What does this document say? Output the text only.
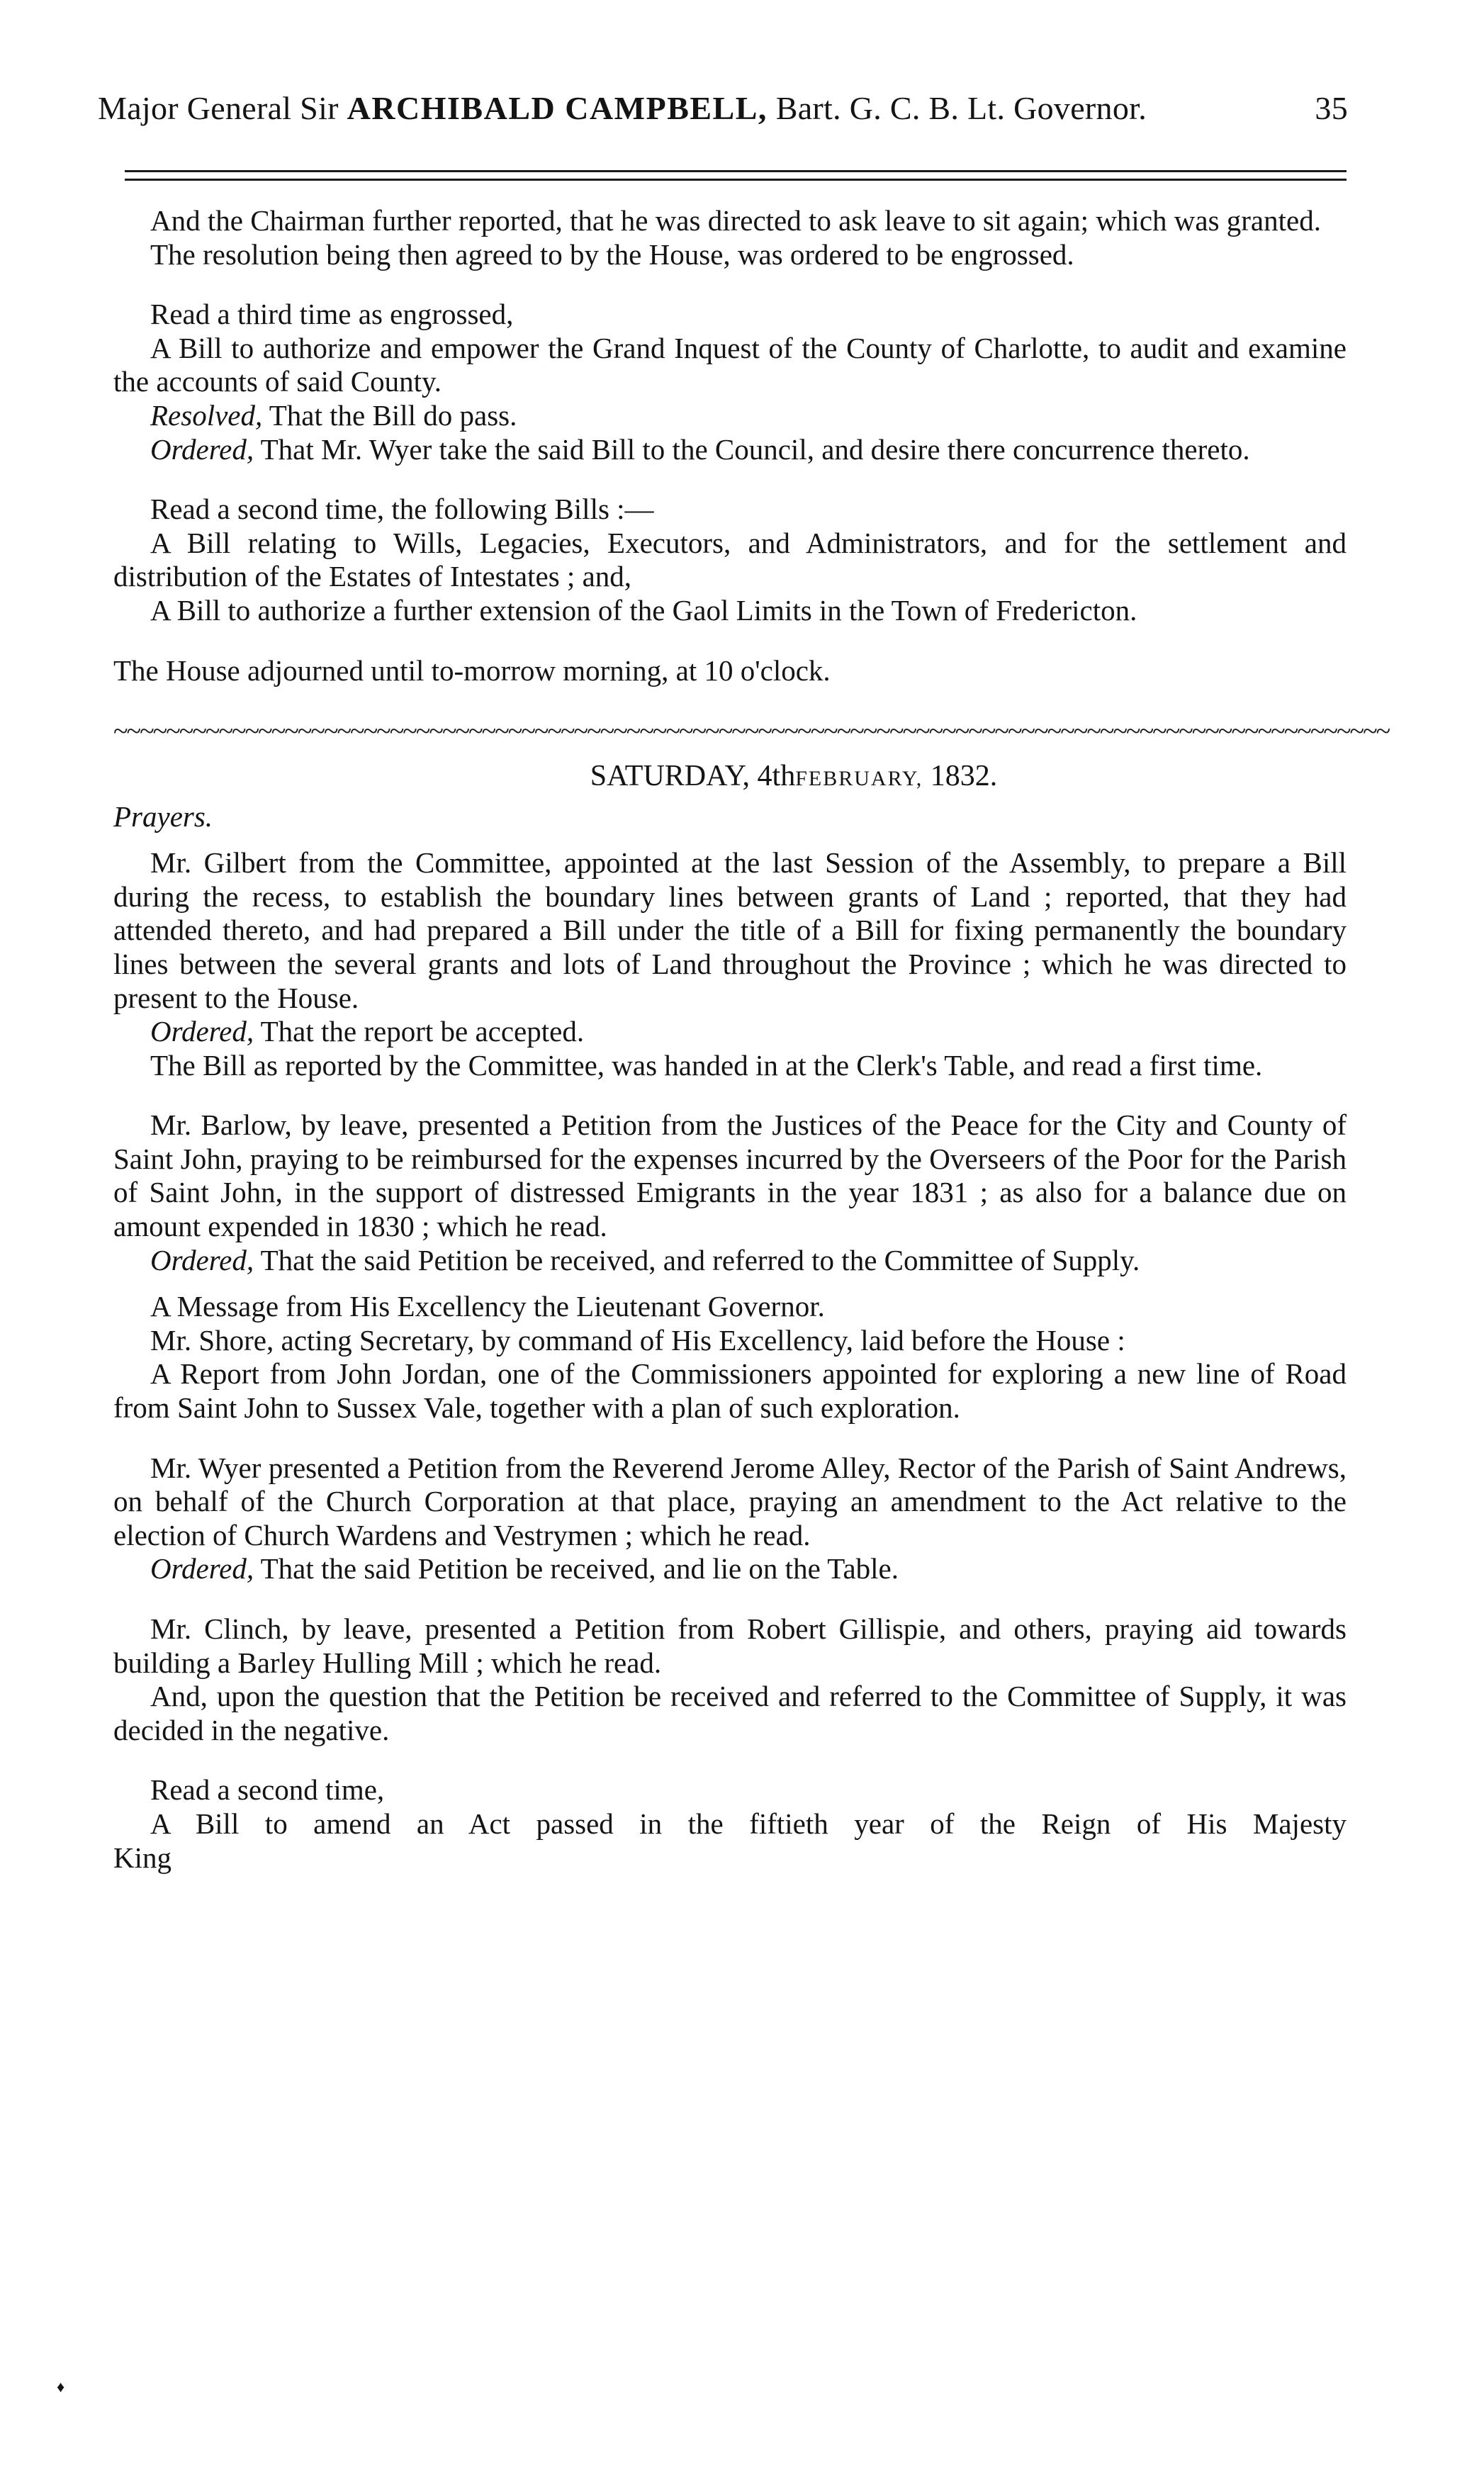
Major General Sir ARCHIBALD CAMPBELL, Bart. G. C. B. Lt. Governor.	35

And the Chairman further reported, that he was directed to ask leave to sit again; which was granted.

The resolution being then agreed to by the House, was ordered to be engrossed.

Read a third time as engrossed,

A Bill to authorize and empower the Grand Inquest of the County of Charlotte, to audit and examine the accounts of said County.

Resolved, That the Bill do pass.

Ordered, That Mr. Wyer take the said Bill to the Council, and desire there concurrence thereto.

Read a second time, the following Bills :—

A Bill relating to Wills, Legacies, Executors, and Administrators, and for the settlement and distribution of the Estates of Intestates ; and,

A Bill to authorize a further extension of the Gaol Limits in the Town of Fredericton.

The House adjourned until to-morrow morning, at 10 o'clock.

~~~~~~~~~~~~~~~~~~~~~~~~~~~~~~~~~~~~~~~~~~~~~~~~~~~~~~~~~~~~~~~~~~~~~~~~~~~~~~~~~~~~~~~~~~~~~~~~~
SATURDAY, 4thFEBRUARY, 1832.

Prayers.

Mr. Gilbert from the Committee, appointed at the last Session of the Assembly, to prepare a Bill during the recess, to establish the boundary lines between grants of Land ; reported, that they had attended thereto, and had prepared a Bill under the title of a Bill for fixing permanently the boundary lines between the several grants and lots of Land throughout the Province ; which he was directed to present to the House.

Ordered, That the report be accepted.

The Bill as reported by the Committee, was handed in at the Clerk's Table, and read a first time.

Mr. Barlow, by leave, presented a Petition from the Justices of the Peace for the City and County of Saint John, praying to be reimbursed for the expenses incurred by the Overseers of the Poor for the Parish of Saint John, in the support of distressed Emigrants in the year 1831 ; as also for a balance due on amount expended in 1830 ; which he read.

Ordered, That the said Petition be received, and referred to the Committee of Supply.

A Message from His Excellency the Lieutenant Governor.

Mr. Shore, acting Secretary, by command of His Excellency, laid before the House :

A Report from John Jordan, one of the Commissioners appointed for exploring a new line of Road from Saint John to Sussex Vale, together with a plan of such exploration.

Mr. Wyer presented a Petition from the Reverend Jerome Alley, Rector of the Parish of Saint Andrews, on behalf of the Church Corporation at that place, praying an amendment to the Act relative to the election of Church Wardens and Vestrymen ; which he read.

Ordered, That the said Petition be received, and lie on the Table.

Mr. Clinch, by leave, presented a Petition from Robert Gillispie, and others, praying aid towards building a Barley Hulling Mill ; which he read.

And, upon the question that the Petition be received and referred to the Committee of Supply, it was decided in the negative.

Read a second time,

A Bill to amend an Act passed in the fiftieth year of the Reign of His Majesty

King

♦
